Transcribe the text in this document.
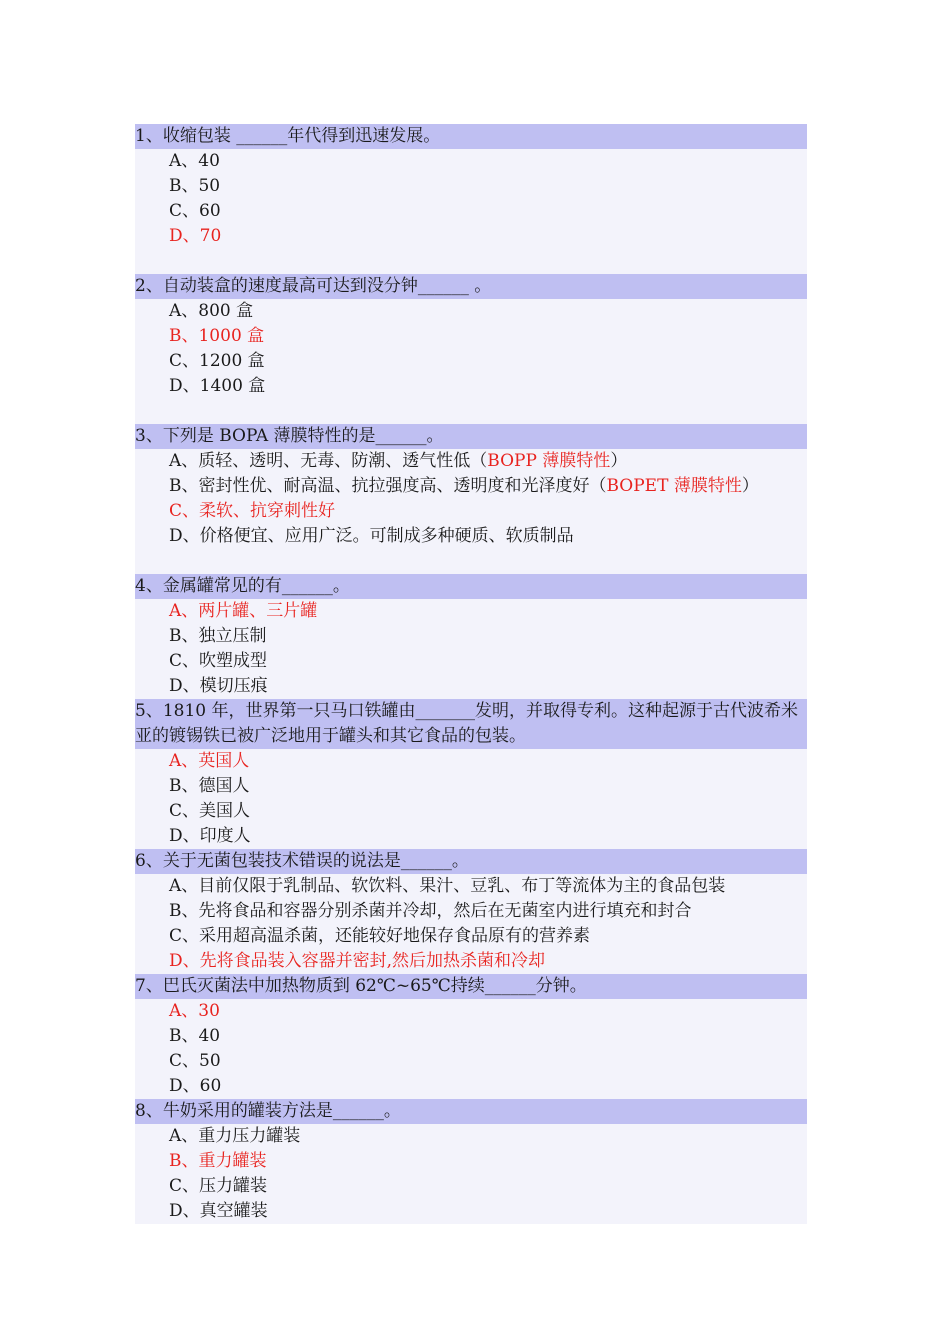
1、收缩包装 ______年代得到迅速发展。
A、40
B、50
C、60
D、70
2、自动装盒的速度最高可达到没分钟______ 。
A、800 盒
B、1000 盒
C、1200 盒
D、1400 盒
3、下列是 BOPA 薄膜特性的是______。
A、质轻、透明、无毒、防潮、透气性低（BOPP 薄膜特性）
B、密封性优、耐高温、抗拉强度高、透明度和光泽度好（BOPET 薄膜特性）
C、柔软、抗穿刺性好
D、价格便宜、应用广泛。可制成多种硬质、软质制品
4、金属罐常见的有______。
A、两片罐、三片罐
B、独立压制
C、吹塑成型
D、模切压痕
5、1810 年，世界第一只马口铁罐由_______发明，并取得专利。这种起源于古代波希米亚的镀锡铁已被广泛地用于罐头和其它食品的包装。
A、英国人
B、德国人
C、美国人
D、印度人
6、关于无菌包装技术错误的说法是______。
A、目前仅限于乳制品、软饮料、果汁、豆乳、布丁等流体为主的食品包装
B、先将食品和容器分别杀菌并冷却，然后在无菌室内进行填充和封合
C、采用超高温杀菌，还能较好地保存食品原有的营养素
D、先将食品装入容器并密封,然后加热杀菌和冷却
7、巴氏灭菌法中加热物质到 62℃~65℃持续______分钟。
A、30
B、40
C、50
D、60
8、牛奶采用的罐装方法是______。
A、重力压力罐装
B、重力罐装
C、压力罐装
D、真空罐装
